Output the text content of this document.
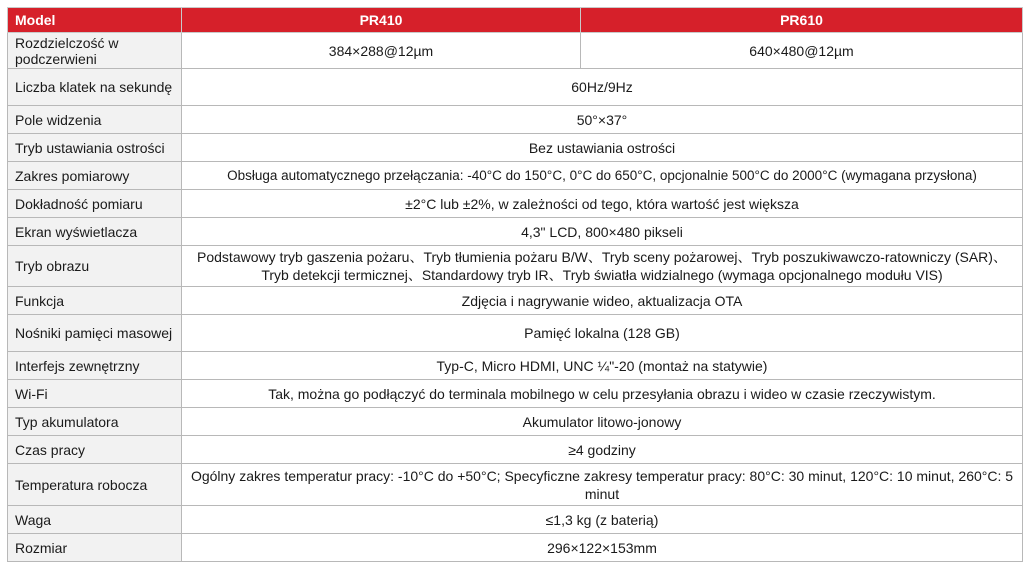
Model	PR410	PR610
Rozdzielczość w podczerwieni	384×288@12µm	640×480@12µm
Liczba klatek na sekundę	60Hz/9Hz	
Pole widzenia	50°×37°	
Tryb ustawiania ostrości	Bez ustawiania ostrości	
Zakres pomiarowy	Obsługa automatycznego przełączania: -40°C do 150°C, 0°C do 650°C, opcjonalnie 500°C do 2000°C (wymagana przysłona)	
Dokładność pomiaru	±2°C lub ±2%, w zależności od tego, która wartość jest większa	
Ekran wyświetlacza	4,3" LCD, 800×480 pikseli	
Tryb obrazu	Podstawowy tryb gaszenia pożaru、Tryb tłumienia pożaru B/W、Tryb sceny pożarowej、Tryb poszukiwawczo-ratowniczy (SAR)、Tryb detekcji termicznej、Standardowy tryb IR、Tryb światła widzialnego (wymaga opcjonalnego modułu VIS)	
Funkcja	Zdjęcia i nagrywanie wideo, aktualizacja OTA	
Nośniki pamięci masowej	Pamięć lokalna (128 GB)	
Interfejs zewnętrzny	Typ-C, Micro HDMI, UNC ¼"-20 (montaż na statywie)	
Wi-Fi	Tak, można go podłączyć do terminala mobilnego w celu przesyłania obrazu i wideo w czasie rzeczywistym.	
Typ akumulatora	Akumulator litowo-jonowy	
Czas pracy	≥4 godziny	
Temperatura robocza	Ogólny zakres temperatur pracy: -10°C do +50°C; Specyficzne zakresy temperatur pracy: 80°C: 30 minut, 120°C: 10 minut, 260°C: 5 minut	
Waga	≤1,3 kg (z baterią)	
Rozmiar	296×122×153mm	
